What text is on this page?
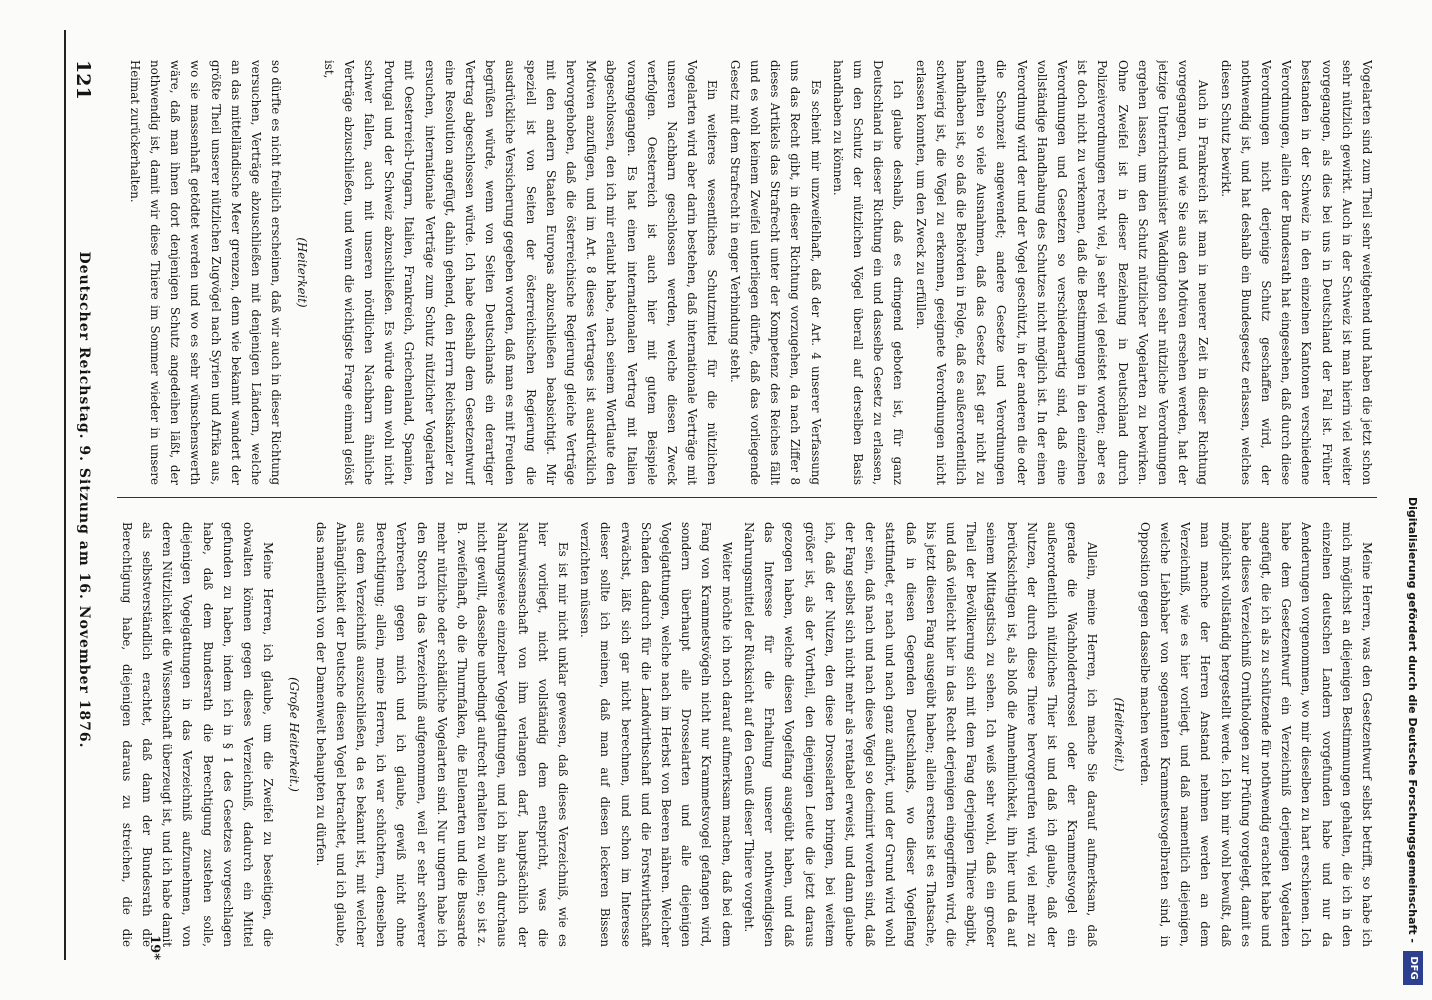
121
Deutscher Reichstag. 9. Sitzung am 16. November 1876.	Vogelarten sind zum Theil sehr weitgehend und haben die jetzt schon sehr nützlich gewirkt. Auch in der Schweiz ist man hierin viel weiter vorgegangen, als dies bei uns in Deutschland der Fall ist. Früher bestanden in der Schweiz in den einzelnen Kantonen verschiedene Verordnungen, allein der Bundesrath hat eingesehen, daß durch diese Verordnungen nicht derjenige Schutz geschaffen wird, der nothwendig ist, und hat deshalb ein Bundesgesetz erlassen, welches diesen Schutz bewirkt.

Auch in Frankreich ist man in neuerer Zeit in dieser Richtung vorgegangen, und wie Sie aus den Motiven ersehen werden, hat der jetzige Unterrichtsminister Waddington sehr nützliche Verordnungen ergehen lassen, um den Schutz nützlicher Vogelarten zu bewirken. Ohne Zweifel ist in dieser Beziehung in Deutschland durch Polizeiverordnungen recht viel, ja sehr viel geleistet worden; aber es ist doch nicht zu verkennen, daß die Bestimmungen in den einzelnen Verordnungen und Gesetzen so verschiedenartig sind, daß eine vollständige Handhabung des Schutzes nicht möglich ist. In der einen Verordnung wird der und der Vogel geschützt, in der anderen die oder die Schonzeit angewendet; andere Gesetze und Verordnungen enthalten so viele Ausnahmen, daß das Gesetz fast gar nicht zu handhaben ist, so daß die Behörden in Folge, daß es außerordentlich schwierig ist, die Vögel zu erkennen, geeignete Verordnungen nicht erlassen konnten, um den Zweck zu erfüllen.

Ich glaube deshalb, daß es dringend geboten ist, für ganz Deutschland in dieser Richtung ein und dasselbe Gesetz zu erlassen, um den Schutz der nützlichen Vögel überall auf derselben Basis handhaben zu können.

Es scheint mir unzweifelhaft, daß der Art. 4 unserer Verfassung uns das Recht gibt, in dieser Richtung vorzugehen, da nach Ziffer 8 dieses Artikels das Strafrecht unter der Kompetenz des Reiches fällt und es wohl keinem Zweifel unterliegen dürfte, daß das vorliegende Gesetz mit dem Strafrecht in enger Verbindung steht.

Ein weiteres wesentliches Schutzmittel für die nützlichen Vogelarten wird aber darin bestehen, daß internationale Verträge mit unseren Nachbarn geschlossen werden, welche diesen Zweck verfolgen. Oesterreich ist auch hier mit gutem Beispiele vorangegangen. Es hat einen internationalen Vertrag mit Italien abgeschlossen, den ich mir erlaubt habe, nach seinem Wortlaute den Motiven anzufügen, und im Art. 8 dieses Vertrages ist ausdrücklich hervorgehoben, daß die österreichische Regierung gleiche Verträge mit den andern Staaten Europas abzuschließen beabsichtigt. Mir speziell ist von Seiten der österreichischen Regierung die ausdrückliche Versicherung gegeben worden, daß man es mit Freuden begrüßen würde, wenn von Seiten Deutschlands ein derartiger Vertrag abgeschlossen würde. Ich habe deshalb dem Gesetzentwurf eine Resolution angefügt, dahin gehend, den Herrn Reichskanzler zu ersuchen, internationale Verträge zum Schutz nützlicher Vogelarten mit Oesterreich-Ungarn, Italien, Frankreich, Griechenland, Spanien, Portugal und der Schweiz abzuschließen. Es würde dann wohl nicht schwer fallen, auch mit unseren nördlichen Nachbarn ähnliche Verträge abzuschließen, und wenn die wichtigste Frage einmal gelöst ist,

(Heiterkeit)

so dürfte es nicht freilich erscheinen, daß wir auch in dieser Richtung versuchen, Verträge abzuschließen mit denjenigen Ländern, welche an das mittelländische Meer grenzen, denn wie bekannt wandert der größte Theil unserer nützlichen Zugvögel nach Syrien und Afrika aus, wo sie massenhaft getödtet werden und wo es sehr wünschenswerth wäre, daß man ihnen dort denjenigen Schutz angedeihen läßt, der nothwendig ist, damit wir diese Thiere im Sommer wieder in unsere Heimat zurückerhalten.

Meine Herren, was den Gesetzentwurf selbst betrifft, so habe ich mich möglichst an diejenigen Bestimmungen gehalten, die ich in den einzelnen deutschen Landern vorgefunden habe und nur da Aenderungen vorgenommen, wo mir dieselben zu hart erschienen. Ich habe dem Gesetzentwurf ein Verzeichniß derjenigen Vogelarten angefügt, die ich als zu schützende für nothwendig erachtet habe und habe dieses Verzeichniß Ornithologen zur Prüfung vorgelegt, damit es möglichst vollständig hergestellt werde. Ich bin mir wohl bewußt, daß man manche der Herren Anstand nehmen werden an dem Verzeichniß, wie es hier vorliegt, und daß namentlich diejenigen, welche Liebhaber von sogenannten Krammetsvogelbraten sind, in Opposition gegen dasselbe machen werden.

(Heiterkeit.)

Allein, meine Herren, ich mache Sie darauf aufmerksam, daß gerade die Wachholderdrossel oder der Krammetsvogel ein außerordentlich nützliches Thier ist und daß ich glaube, daß der Nutzen, der durch diese Thiere hervorgerufen wird, viel mehr zu berücksichtigen ist, als bloß die Annehmlichkeit, ihn hier und da auf seinem Mittagstisch zu sehen. Ich weiß sehr wohl, daß ein großer Theil der Bevölkerung sich mit dem Fang derjenigen Thiere abgibt, und daß vielleicht hier in das Recht derjenigen eingegriffen wird, die bis jetzt diesen Fang ausgeübt haben; allein erstens ist es Thatsache, daß in diesen Gegenden Deutschlands, wo dieser Vogelfang stattfindet, er nach und nach ganz aufhört, und der Grund wird wohl der sein, daß nach und nach diese Vögel so decimirt worden sind, daß der Fang selbst sich nicht mehr als rentabel erweist, und dann glaube ich, daß der Nutzen, den diese Drosselarten bringen, bei weitem größer ist, als der Vortheil, den diejenigen Leute die jetzt daraus gezogen haben, welche diesen Vogelfang ausgeübt haben, und daß das Interesse für die Erhaltung unserer nothwendigsten Nahrungsmittel der Rücksicht auf den Genuß dieser Thiere vorgeht.

Weiter möchte ich noch darauf aufmerksam machen, daß bei dem Fang von Krammetsvögeln nicht nur Krammetsvogel gefangen wird, sondern überhaupt alle Drosselarten und alle diejenigen Vogelgattungen, welche nach im Herbst von Beeren nähren. Welcher Schaden dadurch für die Landwirthschaft und die Forstwirthschaft erwächst, läßt sich gar nicht berechnen, und schon im Interesse dieser sollte ich meinen, daß man auf diesen leckeren Bissen verzichten müssen.

Es ist mir nicht unklar gewesen, daß dieses Verzeichniß, wie es hier vorliegt, nicht vollständig dem entspricht, was die Naturwissenschaft von ihm verlangen darf, hauptsächlich der Nahrungsweise einzelner Vogelgattungen, und ich bin auch durchaus nicht gewillt, dasselbe unbedingt aufrecht erhalten zu wollen; so ist z. B. zweifelhaft, ob die Thurmfalken, die Eulenarten und die Bussarde mehr nützliche oder schädliche Vogelarten sind. Nur ungern habe ich den Storch in das Verzeichniß aufgenommen, weil er sehr schwerer Verbrechen gegen mich und ich glaube, gewiß nicht ohne Berechtigung; allein, meine Herren, ich war schüchtern, denselben aus dem Verzeichniß auszuschließen, da es bekannt ist, mit welcher Anhänglichkeit der Deutsche diesen Vogel betrachtet, und ich glaube, das namentlich von der Damenwelt behaupten zu dürfen.

(Große Heiterkeit.)

Meine Herren, ich glaube, um die Zweifel zu beseitigen, die obwalten können gegen dieses Verzeichniß, dadurch ein Mittel gefunden zu haben, indem ich in § 1 des Gesetzes vorgeschlagen habe, daß dem Bundesrath die Berechtigung zustehen solle, diejenigen Vogelgattungen in das Verzeichniß aufzunehmen, von deren Nützlichkeit die Wissenschaft überzeugt ist, und ich habe damit als selbstverständlich erachtet, daß dann der Bundesrath die Berechtigung habe, diejenigen daraus zu streichen, die die	19*
Digitalisierung gefördert durch die Deutsche Forschungsgemeinschaft -
DFG
